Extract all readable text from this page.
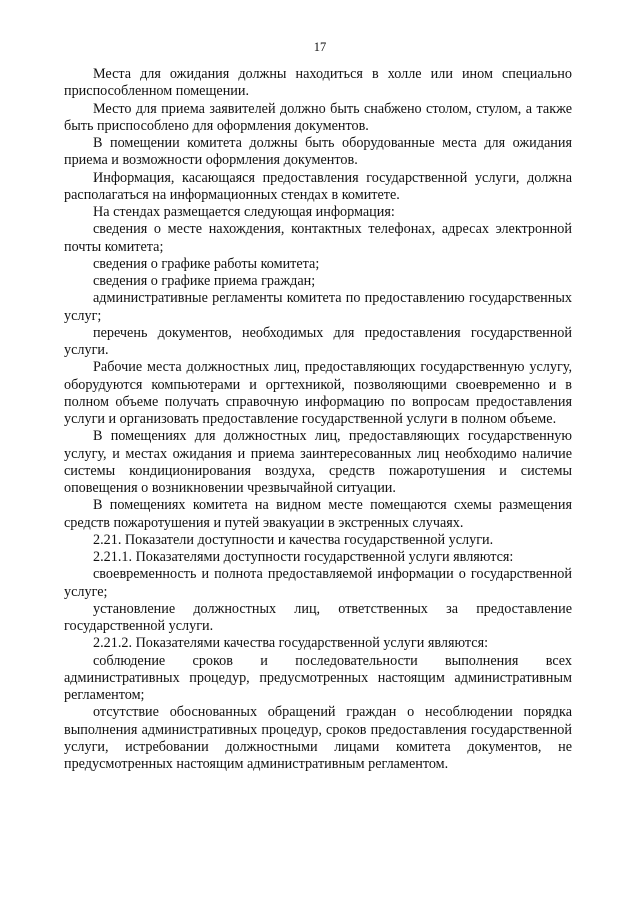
17

Места для ожидания должны находиться в холле или ином специально приспособленном помещении.

Место для приема заявителей должно быть снабжено столом, стулом, а также быть приспособлено для оформления документов.

В помещении комитета должны быть оборудованные места для ожидания приема и возможности оформления документов.

Информация, касающаяся предоставления государственной услуги, должна располагаться на информационных стендах в комитете.

На стендах размещается следующая информация:

сведения о месте нахождения, контактных телефонах, адресах электронной почты комитета;

сведения о графике работы комитета;

сведения о графике приема граждан;

административные регламенты комитета по предоставлению государственных услуг;

перечень документов, необходимых для предоставления государственной услуги.

Рабочие места должностных лиц, предоставляющих государственную услугу, оборудуются компьютерами и оргтехникой, позволяющими своевременно и в полном объеме получать справочную информацию по вопросам предоставления услуги и организовать предоставление государственной услуги в полном объеме.

В помещениях для должностных лиц, предоставляющих государственную услугу, и местах ожидания и приема заинтересованных лиц необходимо наличие системы кондиционирования воздуха, средств пожаротушения и системы оповещения о возникновении чрезвычайной ситуации.

В помещениях комитета на видном месте помещаются схемы размещения средств пожаротушения и путей эвакуации в экстренных случаях.

2.21. Показатели доступности и качества государственной услуги.

2.21.1. Показателями доступности государственной услуги являются:

своевременность и полнота предоставляемой информации о государственной услуге;

установление должностных лиц, ответственных за предоставление государственной услуги.

2.21.2. Показателями качества государственной услуги являются:

соблюдение сроков и последовательности выполнения всех административных процедур, предусмотренных настоящим административным регламентом;

отсутствие обоснованных обращений граждан о несоблюдении порядка выполнения административных процедур, сроков предоставления государственной услуги, истребовании должностными лицами комитета документов, не предусмотренных настоящим административным регламентом.
